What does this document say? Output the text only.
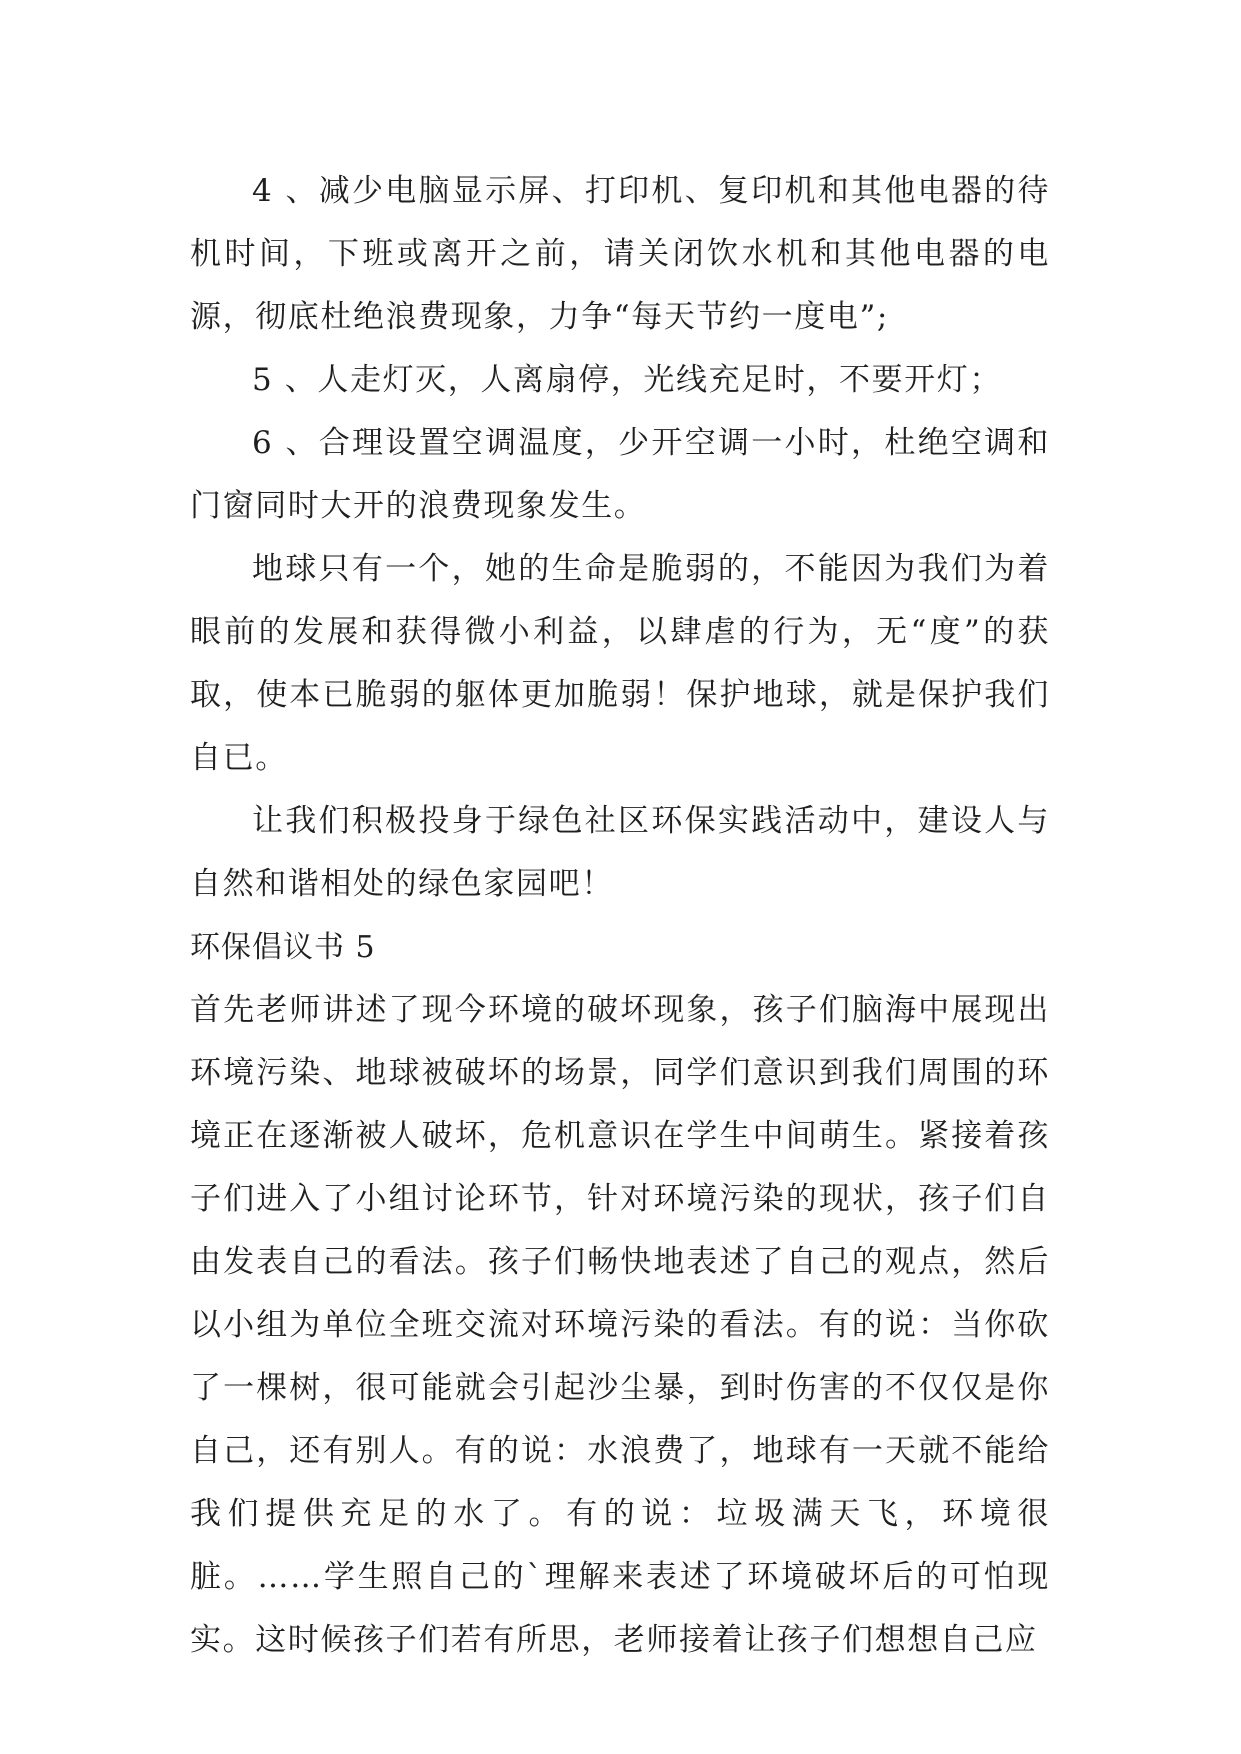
4 、减少电脑显示屏、打印机、复印机和其他电器的待机时间，下班或离开之前，请关闭饮水机和其他电器的电源，彻底杜绝浪费现象，力争“每天节约一度电”;

5 、人走灯灭，人离扇停，光线充足时，不要开灯；

6 、合理设置空调温度，少开空调一小时，杜绝空调和门窗同时大开的浪费现象发生。

地球只有一个，她的生命是脆弱的，不能因为我们为着眼前的发展和获得微小利益，以肆虐的行为，无“度”的获取，使本已脆弱的躯体更加脆弱！保护地球，就是保护我们自已。

让我们积极投身于绿色社区环保实践活动中，建设人与自然和谐相处的绿色家园吧！

环保倡议书 5

首先老师讲述了现今环境的破坏现象，孩子们脑海中展现出环境污染、地球被破坏的场景，同学们意识到我们周围的环境正在逐渐被人破坏，危机意识在学生中间萌生。紧接着孩子们进入了小组讨论环节，针对环境污染的现状，孩子们自由发表自己的看法。孩子们畅快地表述了自己的观点，然后以小组为单位全班交流对环境污染的看法。有的说：当你砍了一棵树，很可能就会引起沙尘暴，到时伤害的不仅仅是你自己，还有别人。有的说：水浪费了，地球有一天就不能给我们提供充足的水了。有的说：垃圾满天飞，环境很脏。……学生照自己的`理解来表述了环境破坏后的可怕现实。这时候孩子们若有所思，老师接着让孩子们想想自己应
